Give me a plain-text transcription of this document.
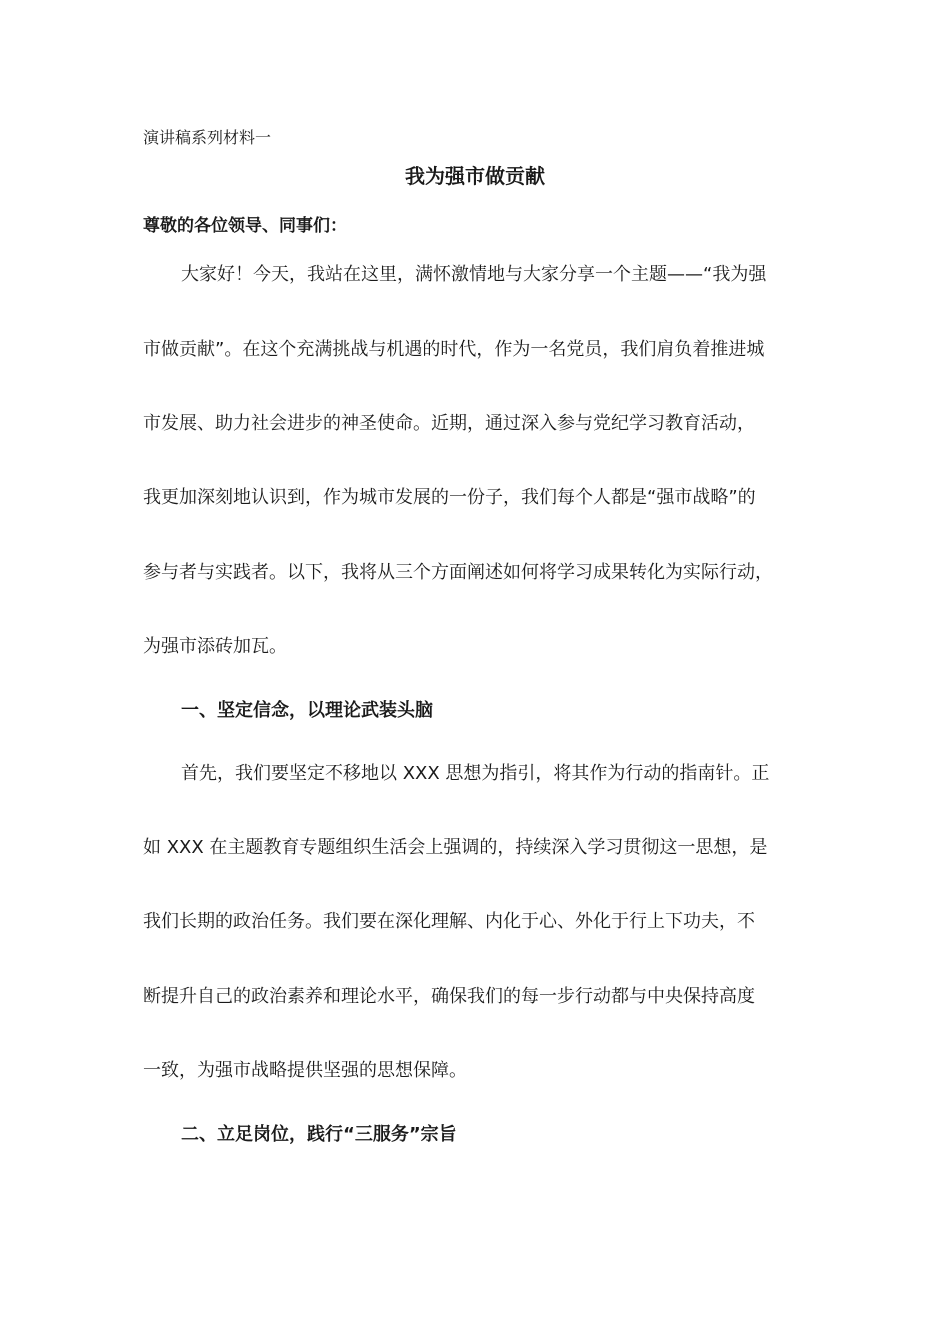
演讲稿系列材料一
我为强市做贡献
尊敬的各位领导、同事们：
大家好！今天，我站在这里，满怀激情地与大家分享一个主题——“我为强
市做贡献”。在这个充满挑战与机遇的时代，作为一名党员，我们肩负着推进城
市发展、助力社会进步的神圣使命。近期，通过深入参与党纪学习教育活动，
我更加深刻地认识到，作为城市发展的一份子，我们每个人都是“强市战略”的
参与者与实践者。以下，我将从三个方面阐述如何将学习成果转化为实际行动，
为强市添砖加瓦。
一、坚定信念，以理论武装头脑
首先，我们要坚定不移地以 XXX 思想为指引，将其作为行动的指南针。正
如 XXX 在主题教育专题组织生活会上强调的，持续深入学习贯彻这一思想，是
我们长期的政治任务。我们要在深化理解、内化于心、外化于行上下功夫，不
断提升自己的政治素养和理论水平，确保我们的每一步行动都与中央保持高度
一致，为强市战略提供坚强的思想保障。
二、立足岗位，践行“三服务”宗旨
